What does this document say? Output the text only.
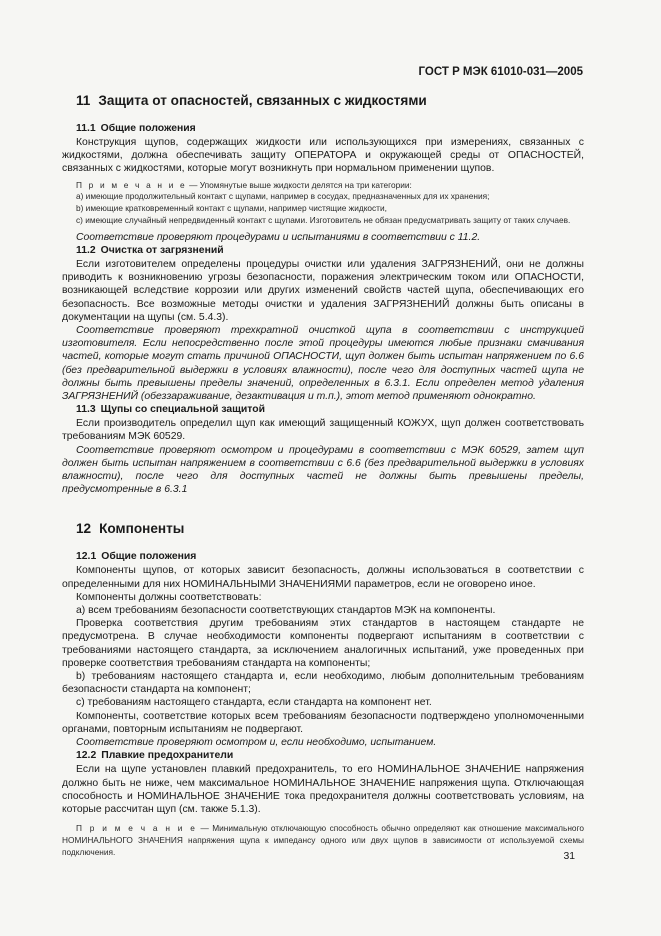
ГОСТ Р МЭК 61010-031—2005
11 Защита от опасностей, связанных с жидкостями
11.1 Общие положения

Конструкция щупов, содержащих жидкости или использующихся при измерениях, связанных с жидкостями, должна обеспечивать защиту ОПЕРАТОРА и окружающей среды от ОПАСНОСТЕЙ, связанных с жидкостями, которые могут возникнуть при нормальном применении щупов.

П р и м е ч а н и е — Упомянутые выше жидкости делятся на три категории:

а) имеющие продолжительный контакт с щупами, например в сосудах, предназначенных для их хранения;

b) имеющие кратковременный контакт с щупами, например чистящие жидкости,

c) имеющие случайный непредвиденный контакт с щупами. Изготовитель не обязан предусматривать защиту от таких случаев.

Соответствие проверяют процедурами и испытаниями в соответствии с 11.2.

11.2 Очистка от загрязнений

Если изготовителем определены процедуры очистки или удаления ЗАГРЯЗНЕНИЙ, они не должны приводить к возникновению угрозы безопасности, поражения электрическим током или ОПАСНОСТИ, возникающей вследствие коррозии или других изменений свойств частей щупа, обеспечивающих его безопасность. Все возможные методы очистки и удаления ЗАГРЯЗНЕНИЙ должны быть описаны в документации на щупы (см. 5.4.3).

Соответствие проверяют трехкратной очисткой щупа в соответствии с инструкцией изготовителя. Если непосредственно после этой процедуры имеются любые признаки смачивания частей, которые могут стать причиной ОПАСНОСТИ, щуп должен быть испытан напряжением по 6.6 (без предварительной выдержки в условиях влажности), после чего для доступных частей щупа не должны быть превышены пределы значений, определенных в 6.3.1. Если определен метод удаления ЗАГРЯЗНЕНИЙ (обеззараживание, дезактивация и т.п.), этот метод применяют однократно.

11.3 Щупы со специальной защитой

Если производитель определил щуп как имеющий защищенный КОЖУХ, щуп должен соответствовать требованиям МЭК 60529.

Соответствие проверяют осмотром и процедурами в соответствии с МЭК 60529, затем щуп должен быть испытан напряжением в соответствии с 6.6 (без предварительной выдержки в условиях влажности), после чего для доступных частей не должны быть превышены пределы, предусмотренные в 6.3.1

12 Компоненты
12.1 Общие положения

Компоненты щупов, от которых зависит безопасность, должны использоваться в соответствии с определенными для них НОМИНАЛЬНЫМИ ЗНАЧЕНИЯМИ параметров, если не оговорено иное.

Компоненты должны соответствовать:

а) всем требованиям безопасности соответствующих стандартов МЭК на компоненты.

Проверка соответствия другим требованиям этих стандартов в настоящем стандарте не предусмотрена. В случае необходимости компоненты подвергают испытаниям в соответствии с требованиями настоящего стандарта, за исключением аналогичных испытаний, уже проведенных при проверке соответствия требованиям стандарта на компоненты;

b) требованиям настоящего стандарта и, если необходимо, любым дополнительным требованиям безопасности стандарта на компонент;

c) требованиям настоящего стандарта, если стандарта на компонент нет.

Компоненты, соответствие которых всем требованиям безопасности подтверждено уполномоченными органами, повторным испытаниям не подвергают.

Соответствие проверяют осмотром и, если необходимо, испытанием.

12.2 Плавкие предохранители

Если на щупе установлен плавкий предохранитель, то его НОМИНАЛЬНОЕ ЗНАЧЕНИЕ напряжения должно быть не ниже, чем максимальное НОМИНАЛЬНОЕ ЗНАЧЕНИЕ напряжения щупа. Отключающая способность и НОМИНАЛЬНОЕ ЗНАЧЕНИЕ тока предохранителя должны соответствовать условиям, на которые рассчитан щуп (см. также 5.1.3).

П р и м е ч а н и е — Минимальную отключающую способность обычно определяют как отношение максимального НОМИНАЛЬНОГО ЗНАЧЕНИЯ напряжения щупа к импедансу одного или двух щупов в зависимости от используемой схемы подключения.	31
